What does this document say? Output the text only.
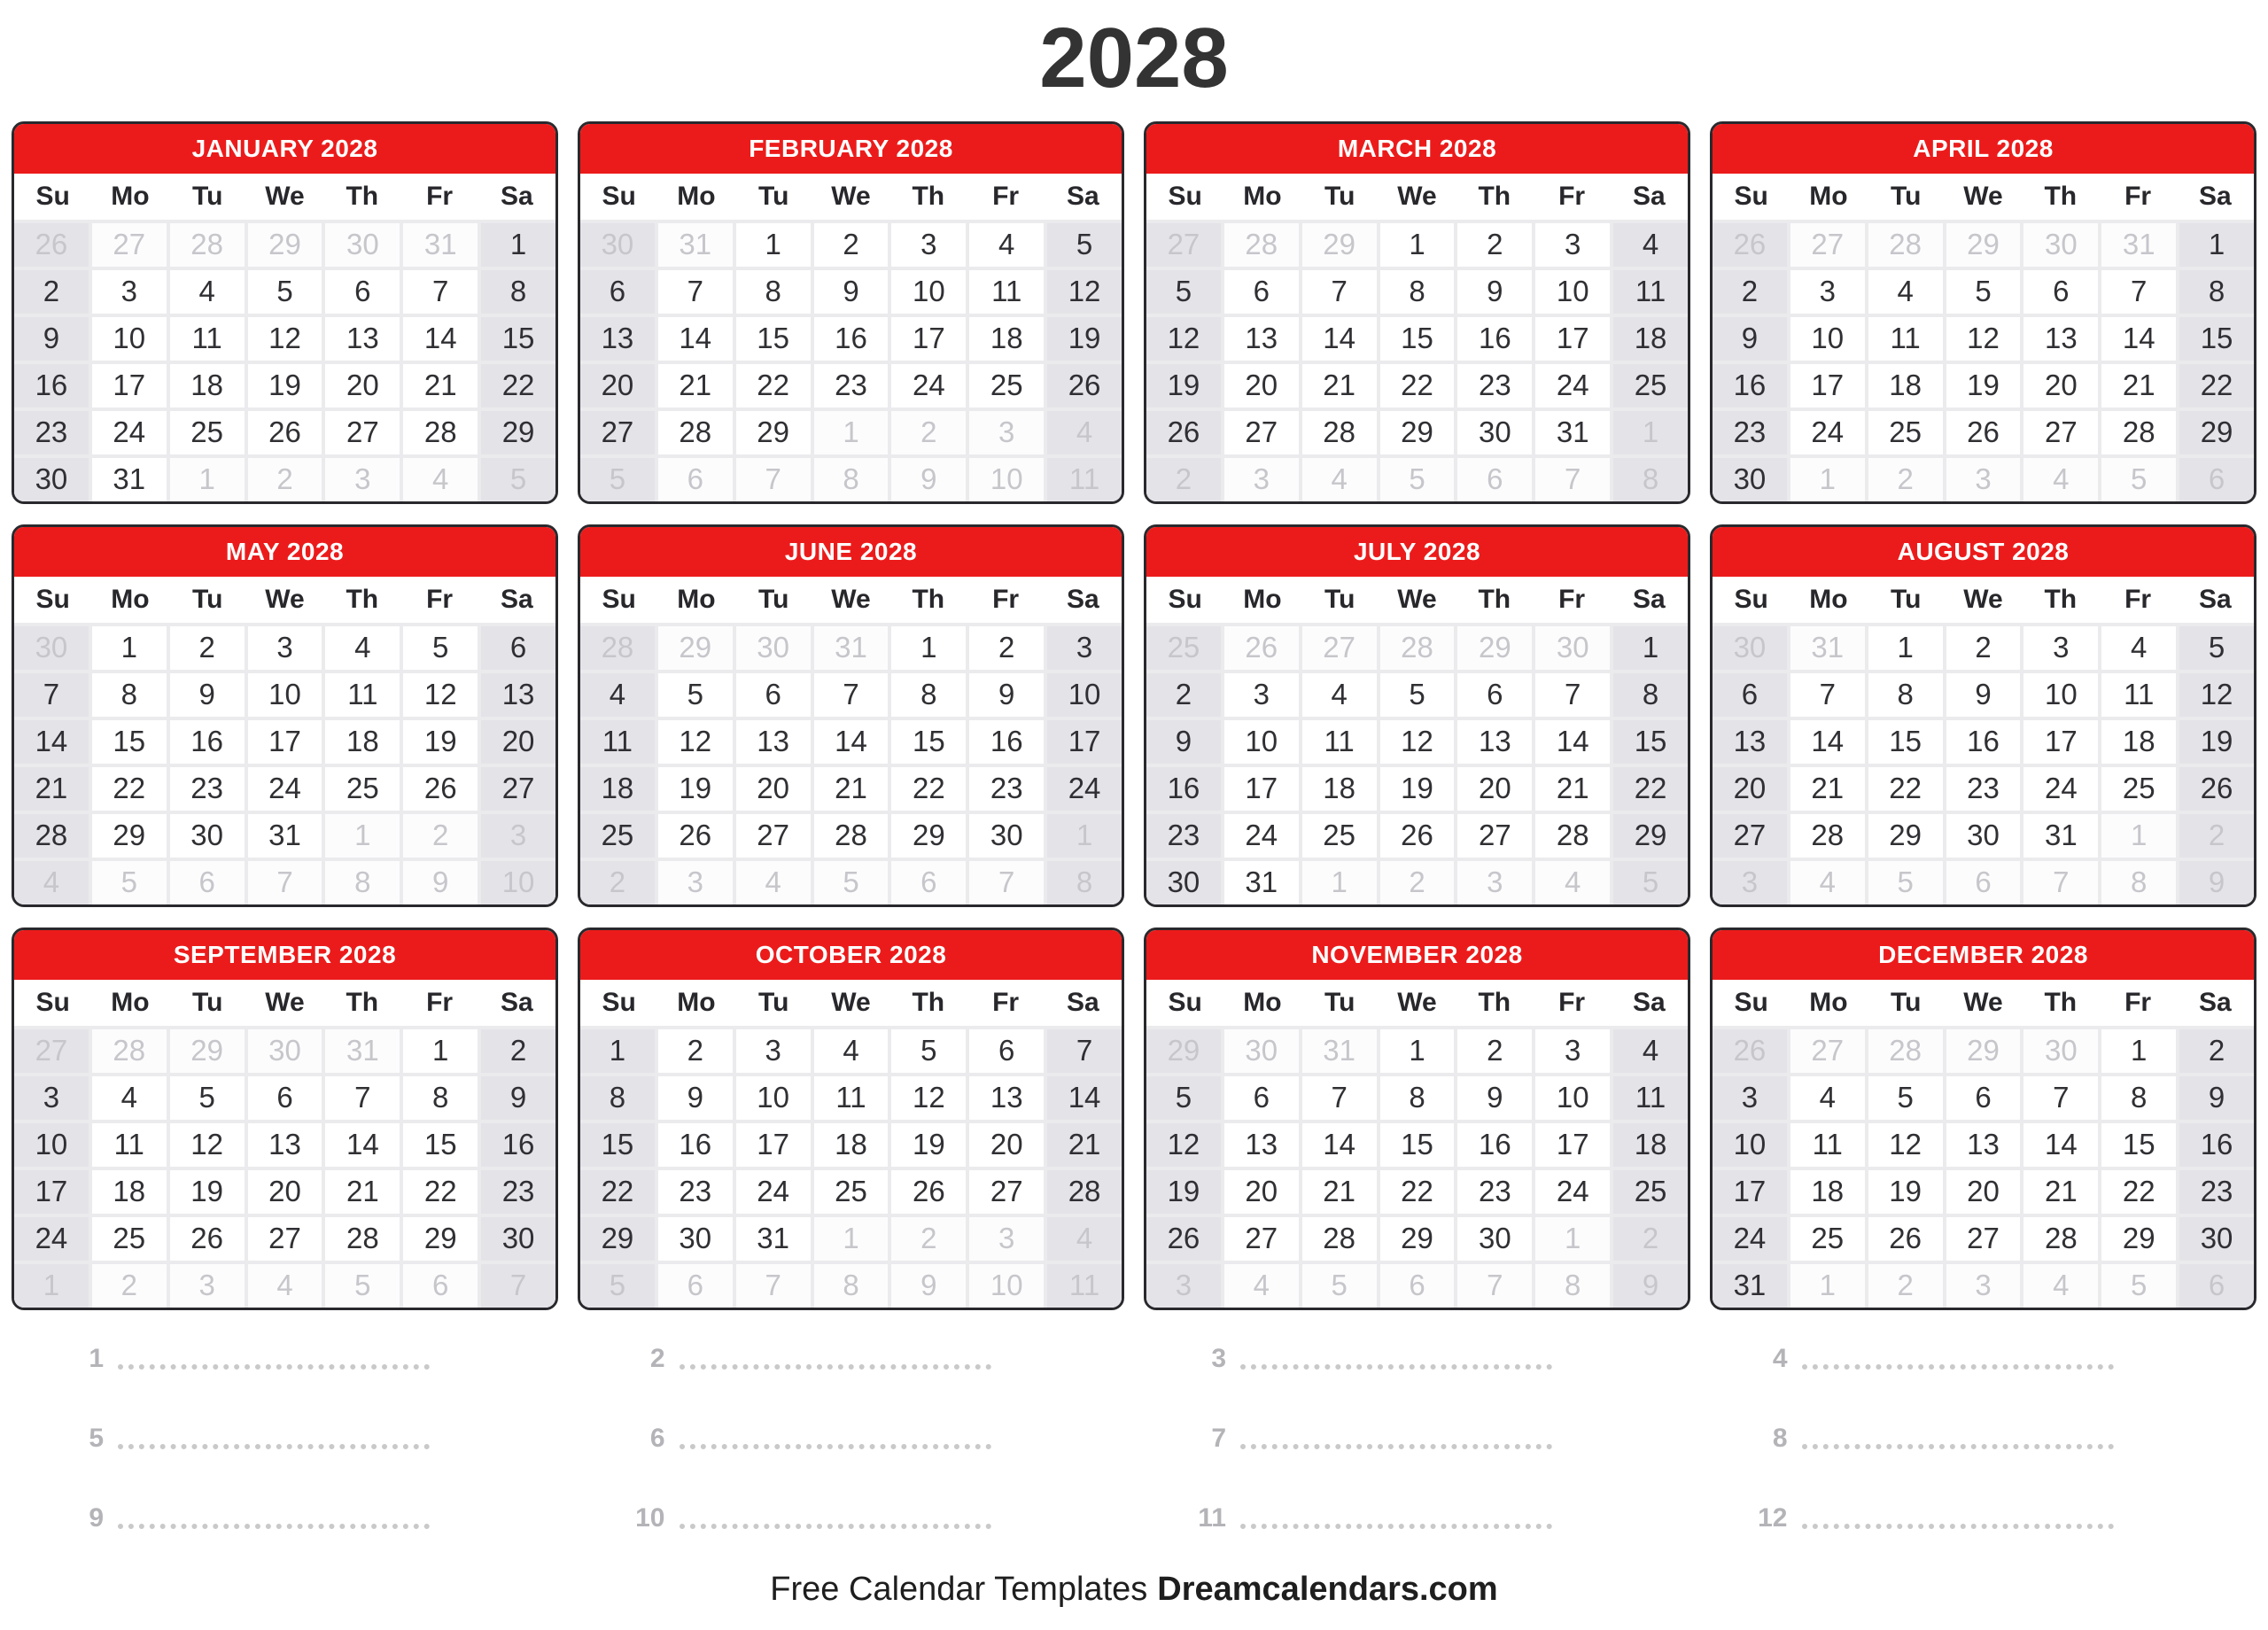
2028
JANUARY 2028
Su	Mo	Tu	We	Th	Fr	Sa
26	27	28	29	30	31	1
2	3	4	5	6	7	8
9	10	11	12	13	14	15
16	17	18	19	20	21	22
23	24	25	26	27	28	29
30	31	1	2	3	4	5
FEBRUARY 2028
Su	Mo	Tu	We	Th	Fr	Sa
30	31	1	2	3	4	5
6	7	8	9	10	11	12
13	14	15	16	17	18	19
20	21	22	23	24	25	26
27	28	29	1	2	3	4
5	6	7	8	9	10	11
MARCH 2028
Su	Mo	Tu	We	Th	Fr	Sa
27	28	29	1	2	3	4
5	6	7	8	9	10	11
12	13	14	15	16	17	18
19	20	21	22	23	24	25
26	27	28	29	30	31	1
2	3	4	5	6	7	8
APRIL 2028
Su	Mo	Tu	We	Th	Fr	Sa
26	27	28	29	30	31	1
2	3	4	5	6	7	8
9	10	11	12	13	14	15
16	17	18	19	20	21	22
23	24	25	26	27	28	29
30	1	2	3	4	5	6
MAY 2028
Su	Mo	Tu	We	Th	Fr	Sa
30	1	2	3	4	5	6
7	8	9	10	11	12	13
14	15	16	17	18	19	20
21	22	23	24	25	26	27
28	29	30	31	1	2	3
4	5	6	7	8	9	10
JUNE 2028
Su	Mo	Tu	We	Th	Fr	Sa
28	29	30	31	1	2	3
4	5	6	7	8	9	10
11	12	13	14	15	16	17
18	19	20	21	22	23	24
25	26	27	28	29	30	1
2	3	4	5	6	7	8
JULY 2028
Su	Mo	Tu	We	Th	Fr	Sa
25	26	27	28	29	30	1
2	3	4	5	6	7	8
9	10	11	12	13	14	15
16	17	18	19	20	21	22
23	24	25	26	27	28	29
30	31	1	2	3	4	5
AUGUST 2028
Su	Mo	Tu	We	Th	Fr	Sa
30	31	1	2	3	4	5
6	7	8	9	10	11	12
13	14	15	16	17	18	19
20	21	22	23	24	25	26
27	28	29	30	31	1	2
3	4	5	6	7	8	9
SEPTEMBER 2028
Su	Mo	Tu	We	Th	Fr	Sa
27	28	29	30	31	1	2
3	4	5	6	7	8	9
10	11	12	13	14	15	16
17	18	19	20	21	22	23
24	25	26	27	28	29	30
1	2	3	4	5	6	7
OCTOBER 2028
Su	Mo	Tu	We	Th	Fr	Sa
1	2	3	4	5	6	7
8	9	10	11	12	13	14
15	16	17	18	19	20	21
22	23	24	25	26	27	28
29	30	31	1	2	3	4
5	6	7	8	9	10	11
NOVEMBER 2028
Su	Mo	Tu	We	Th	Fr	Sa
29	30	31	1	2	3	4
5	6	7	8	9	10	11
12	13	14	15	16	17	18
19	20	21	22	23	24	25
26	27	28	29	30	1	2
3	4	5	6	7	8	9
DECEMBER 2028
Su	Mo	Tu	We	Th	Fr	Sa
26	27	28	29	30	1	2
3	4	5	6	7	8	9
10	11	12	13	14	15	16
17	18	19	20	21	22	23
24	25	26	27	28	29	30
31	1	2	3	4	5	6
1	2	3	4
5	6	7	8
9	10	11	12
Free Calendar Templates Dreamcalendars.com
